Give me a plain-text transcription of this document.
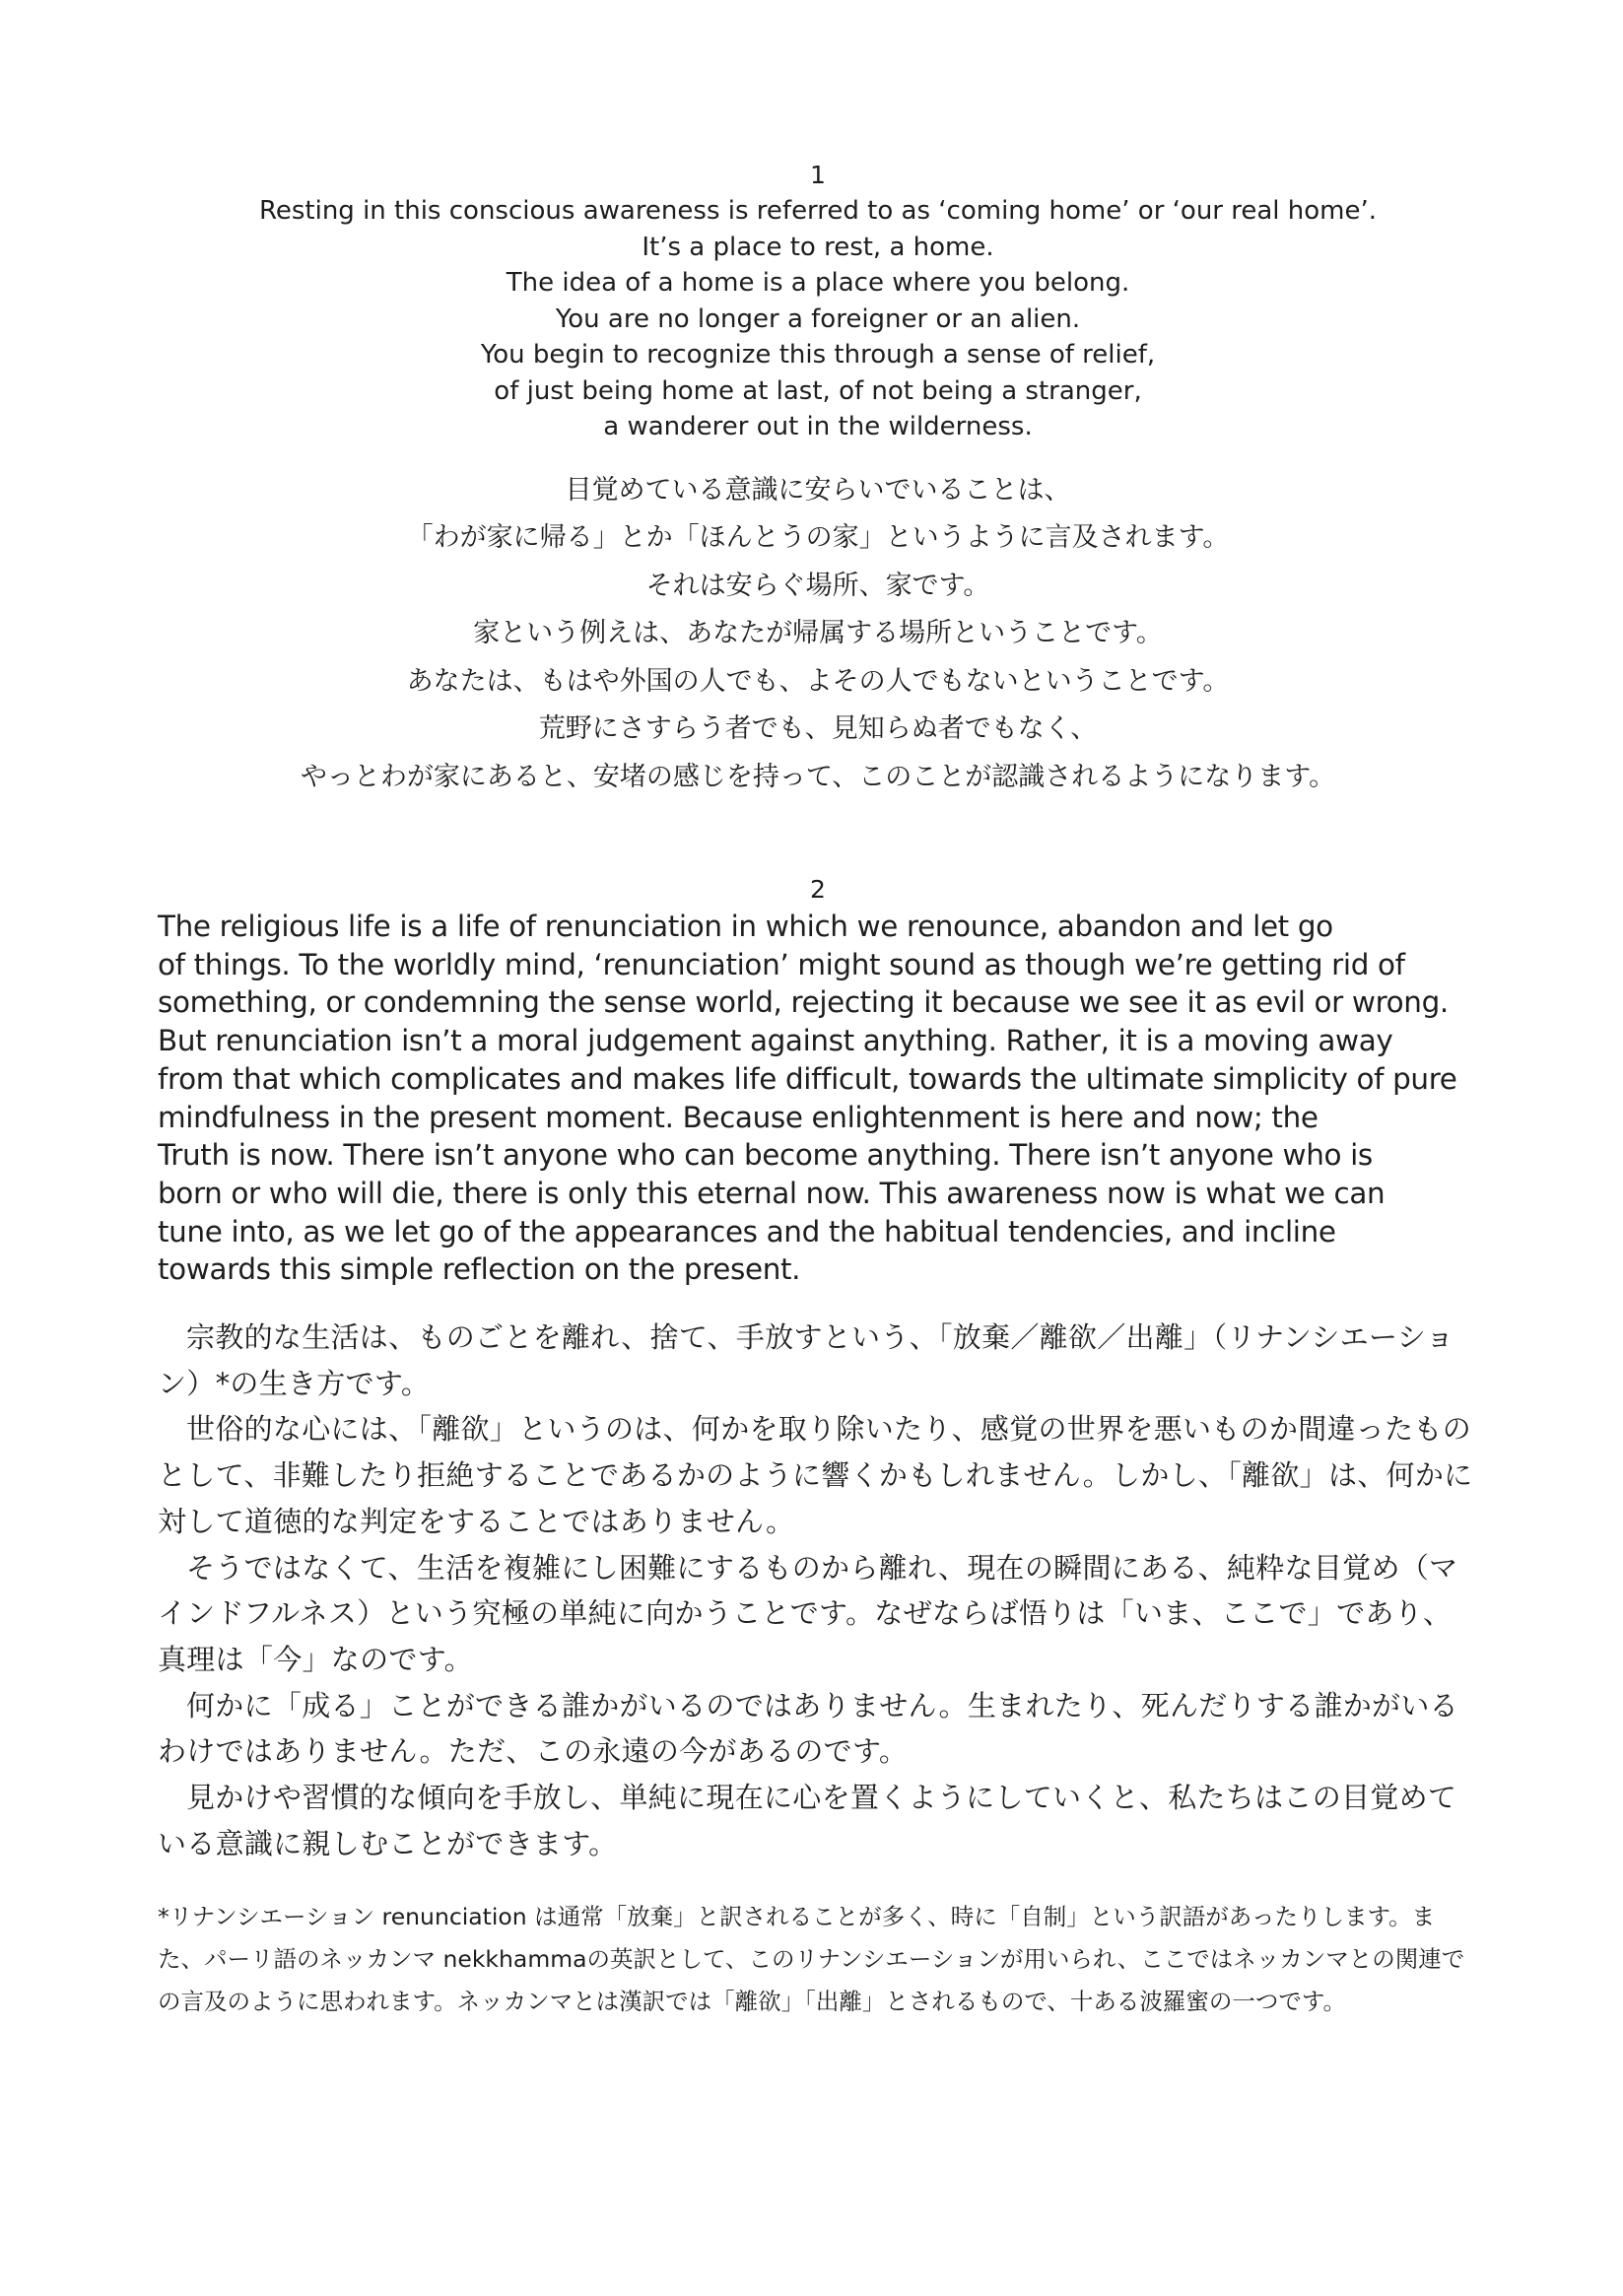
1

Resting in this conscious awareness is referred to as ‘coming home’ or ‘our real home’.

It’s a place to rest, a home.

The idea of a home is a place where you belong.

You are no longer a foreigner or an alien.

You begin to recognize this through a sense of relief,

of just being home at last, of not being a stranger,

a wanderer out in the wilderness.

目覚めている意識に安らいでいることは、

「わが家に帰る」とか「ほんとうの家」というように言及されます。

それは安らぐ場所、家です。

家という例えは、あなたが帰属する場所ということです。

あなたは、もはや外国の人でも、よその人でもないということです。

荒野にさすらう者でも、見知らぬ者でもなく、

やっとわが家にあると、安堵の感じを持って、このことが認識されるようになります。

2

The religious life is a life of renunciation in which we renounce, abandon and let go

of things. To the worldly mind, ‘renunciation’ might sound as though we’re getting rid of

something, or condemning the sense world, rejecting it because we see it as evil or wrong.

But renunciation isn’t a moral judgement against anything. Rather, it is a moving away

from that which complicates and makes life difficult, towards the ultimate simplicity of pure

mindfulness in the present moment. Because enlightenment is here and now; the

Truth is now. There isn’t anyone who can become anything. There isn’t anyone who is

born or who will die, there is only this eternal now. This awareness now is what we can

tune into, as we let go of the appearances and the habitual tendencies, and incline

towards this simple reflection on the present.

宗教的な生活は、ものごとを離れ、捨て、手放すという、「放棄／離欲／出離」（リナンシエーション）*の生き方です。

世俗的な心には、「離欲」というのは、何かを取り除いたり、感覚の世界を悪いものか間違ったものとして、非難したり拒絶することであるかのように響くかもしれません。しかし、「離欲」は、何かに対して道徳的な判定をすることではありません。

そうではなくて、生活を複雑にし困難にするものから離れ、現在の瞬間にある、純粋な目覚め（マインドフルネス）という究極の単純に向かうことです。なぜならば悟りは「いま、ここで」であり、真理は「今」なのです。

何かに「成る」ことができる誰かがいるのではありません。生まれたり、死んだりする誰かがいるわけではありません。ただ、この永遠の今があるのです。

見かけや習慣的な傾向を手放し、単純に現在に心を置くようにしていくと、私たちはこの目覚めている意識に親しむことができます。

*リナンシエーション renunciation は通常「放棄」と訳されることが多く、時に「自制」という訳語があったりします。また、パーリ語のネッカンマ nekkhammaの英訳として、このリナンシエーションが用いられ、ここではネッカンマとの関連での言及のように思われます。ネッカンマとは漢訳では「離欲」「出離」とされるもので、十ある波羅蜜の一つです。
